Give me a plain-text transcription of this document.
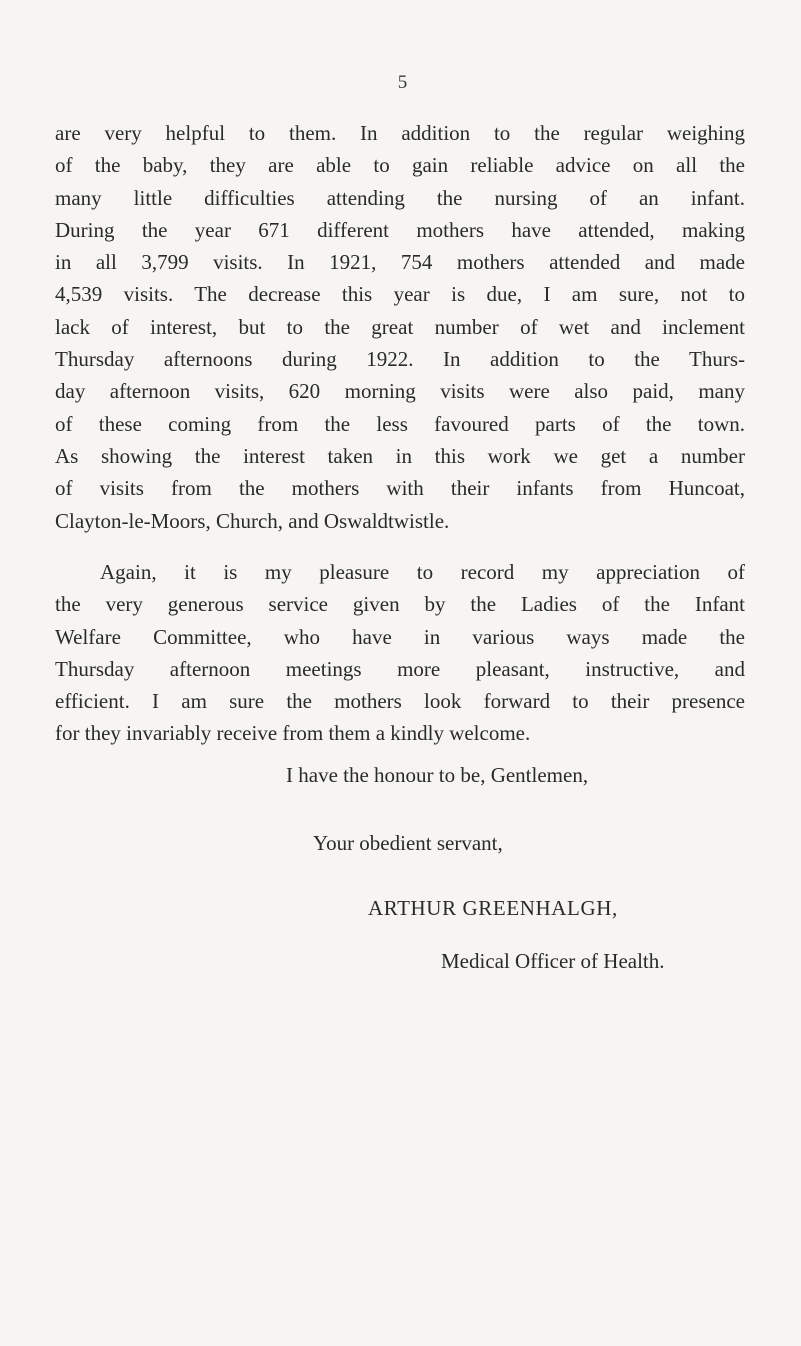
5

are very helpful to them. In addition to the regular weighing
of the baby, they are able to gain reliable advice on all the
many little difficulties attending the nursing of an infant.
During the year 671 different mothers have attended, making
in all 3,799 visits. In 1921, 754 mothers attended and made
4,539 visits. The decrease this year is due, I am sure, not to
lack of interest, but to the great number of wet and inclement
Thursday afternoons during 1922. In addition to the Thurs-
day afternoon visits, 620 morning visits were also paid, many
of these coming from the less favoured parts of the town.
As showing the interest taken in this work we get a number
of visits from the mothers with their infants from Huncoat,
Clayton-le-Moors, Church, and Oswaldtwistle.

Again, it is my pleasure to record my appreciation of
the very generous service given by the Ladies of the Infant
Welfare Committee, who have in various ways made the
Thursday afternoon meetings more pleasant, instructive, and
efficient. I am sure the mothers look forward to their presence
for they invariably receive from them a kindly welcome.

I have the honour to be, Gentlemen,
Your obedient servant,
ARTHUR GREENHALGH,
Medical Officer of Health.
